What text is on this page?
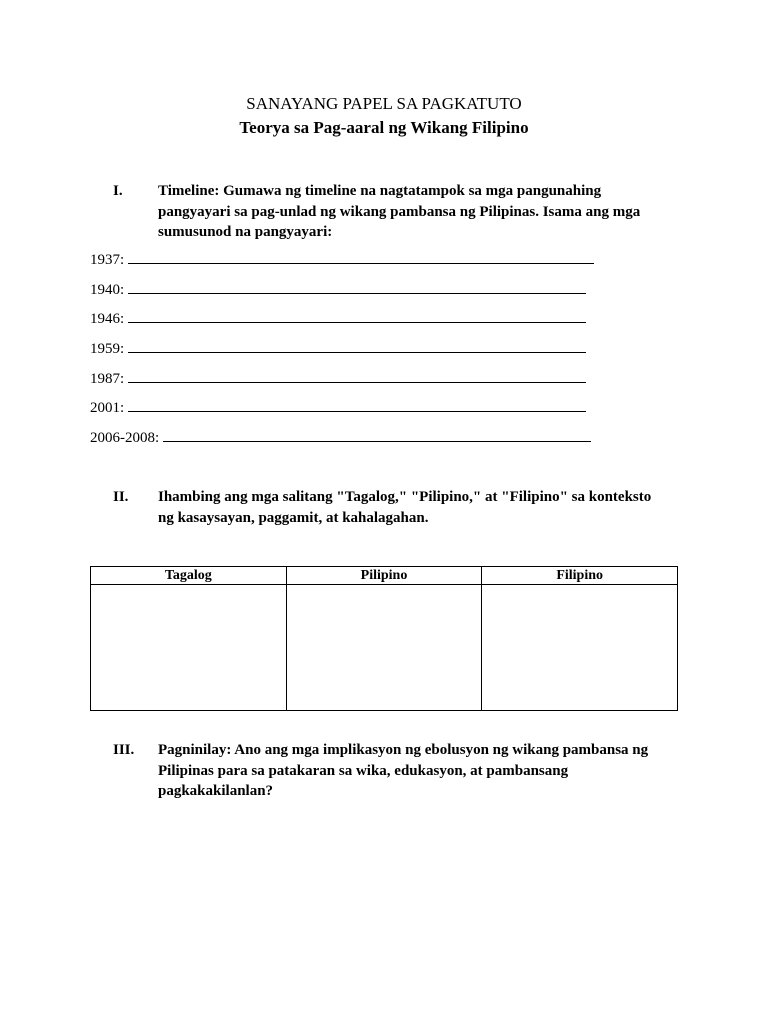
SANAYANG PAPEL SA PAGKATUTO
Teorya sa Pag-aaral ng Wikang Filipino
I. Timeline: Gumawa ng timeline na nagtatampok sa mga pangunahing pangyayari sa pag-unlad ng wikang pambansa ng Pilipinas. Isama ang mga sumusunod na pangyayari:
1937:
1940:
1946:
1959:
1987:
2001:
2006-2008:
II. Ihambing ang mga salitang "Tagalog," "Pilipino," at "Filipino" sa konteksto ng kasaysayan, paggamit, at kahalagahan.
Tagalog	Pilipino	Filipino

III. Pagninilay: Ano ang mga implikasyon ng ebolusyon ng wikang pambansa ng Pilipinas para sa patakaran sa wika, edukasyon, at pambansang pagkakakilanlan?
